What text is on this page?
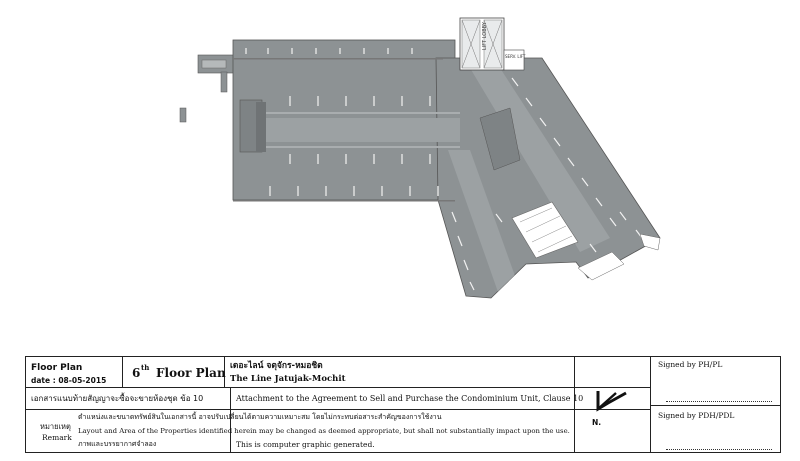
LIFT LOBBY
SERV. LIFT
Floor Plan
date : 08-05-2015
6 th Floor Plan เดอะไลน์ จตุจักร-หมอชิต
The Line Jatujak-Mochit
เอกสารแนบท้ายสัญญาจะซื้อจะขายห้องชุด ข้อ 10	Attachment to the Agreement to Sell and Purchase the Condominium Unit, Clause 10
หมายเหตุ
Remark
ตำแหน่งและขนาดทรัพย์สินในเอกสารนี้ อาจปรับเปลี่ยนได้ตามความเหมาะสม โดยไม่กระทบต่อสาระสำคัญของการใช้งาน
Layout and Area of the Properties identified herein may be changed as deemed appropriate, but shall not substantially impact upon the use.
ภาพและบรรยากาศจำลอง	This is computer graphic generated.
N.
Signed by PH/PL
Signed by PDH/PDL
